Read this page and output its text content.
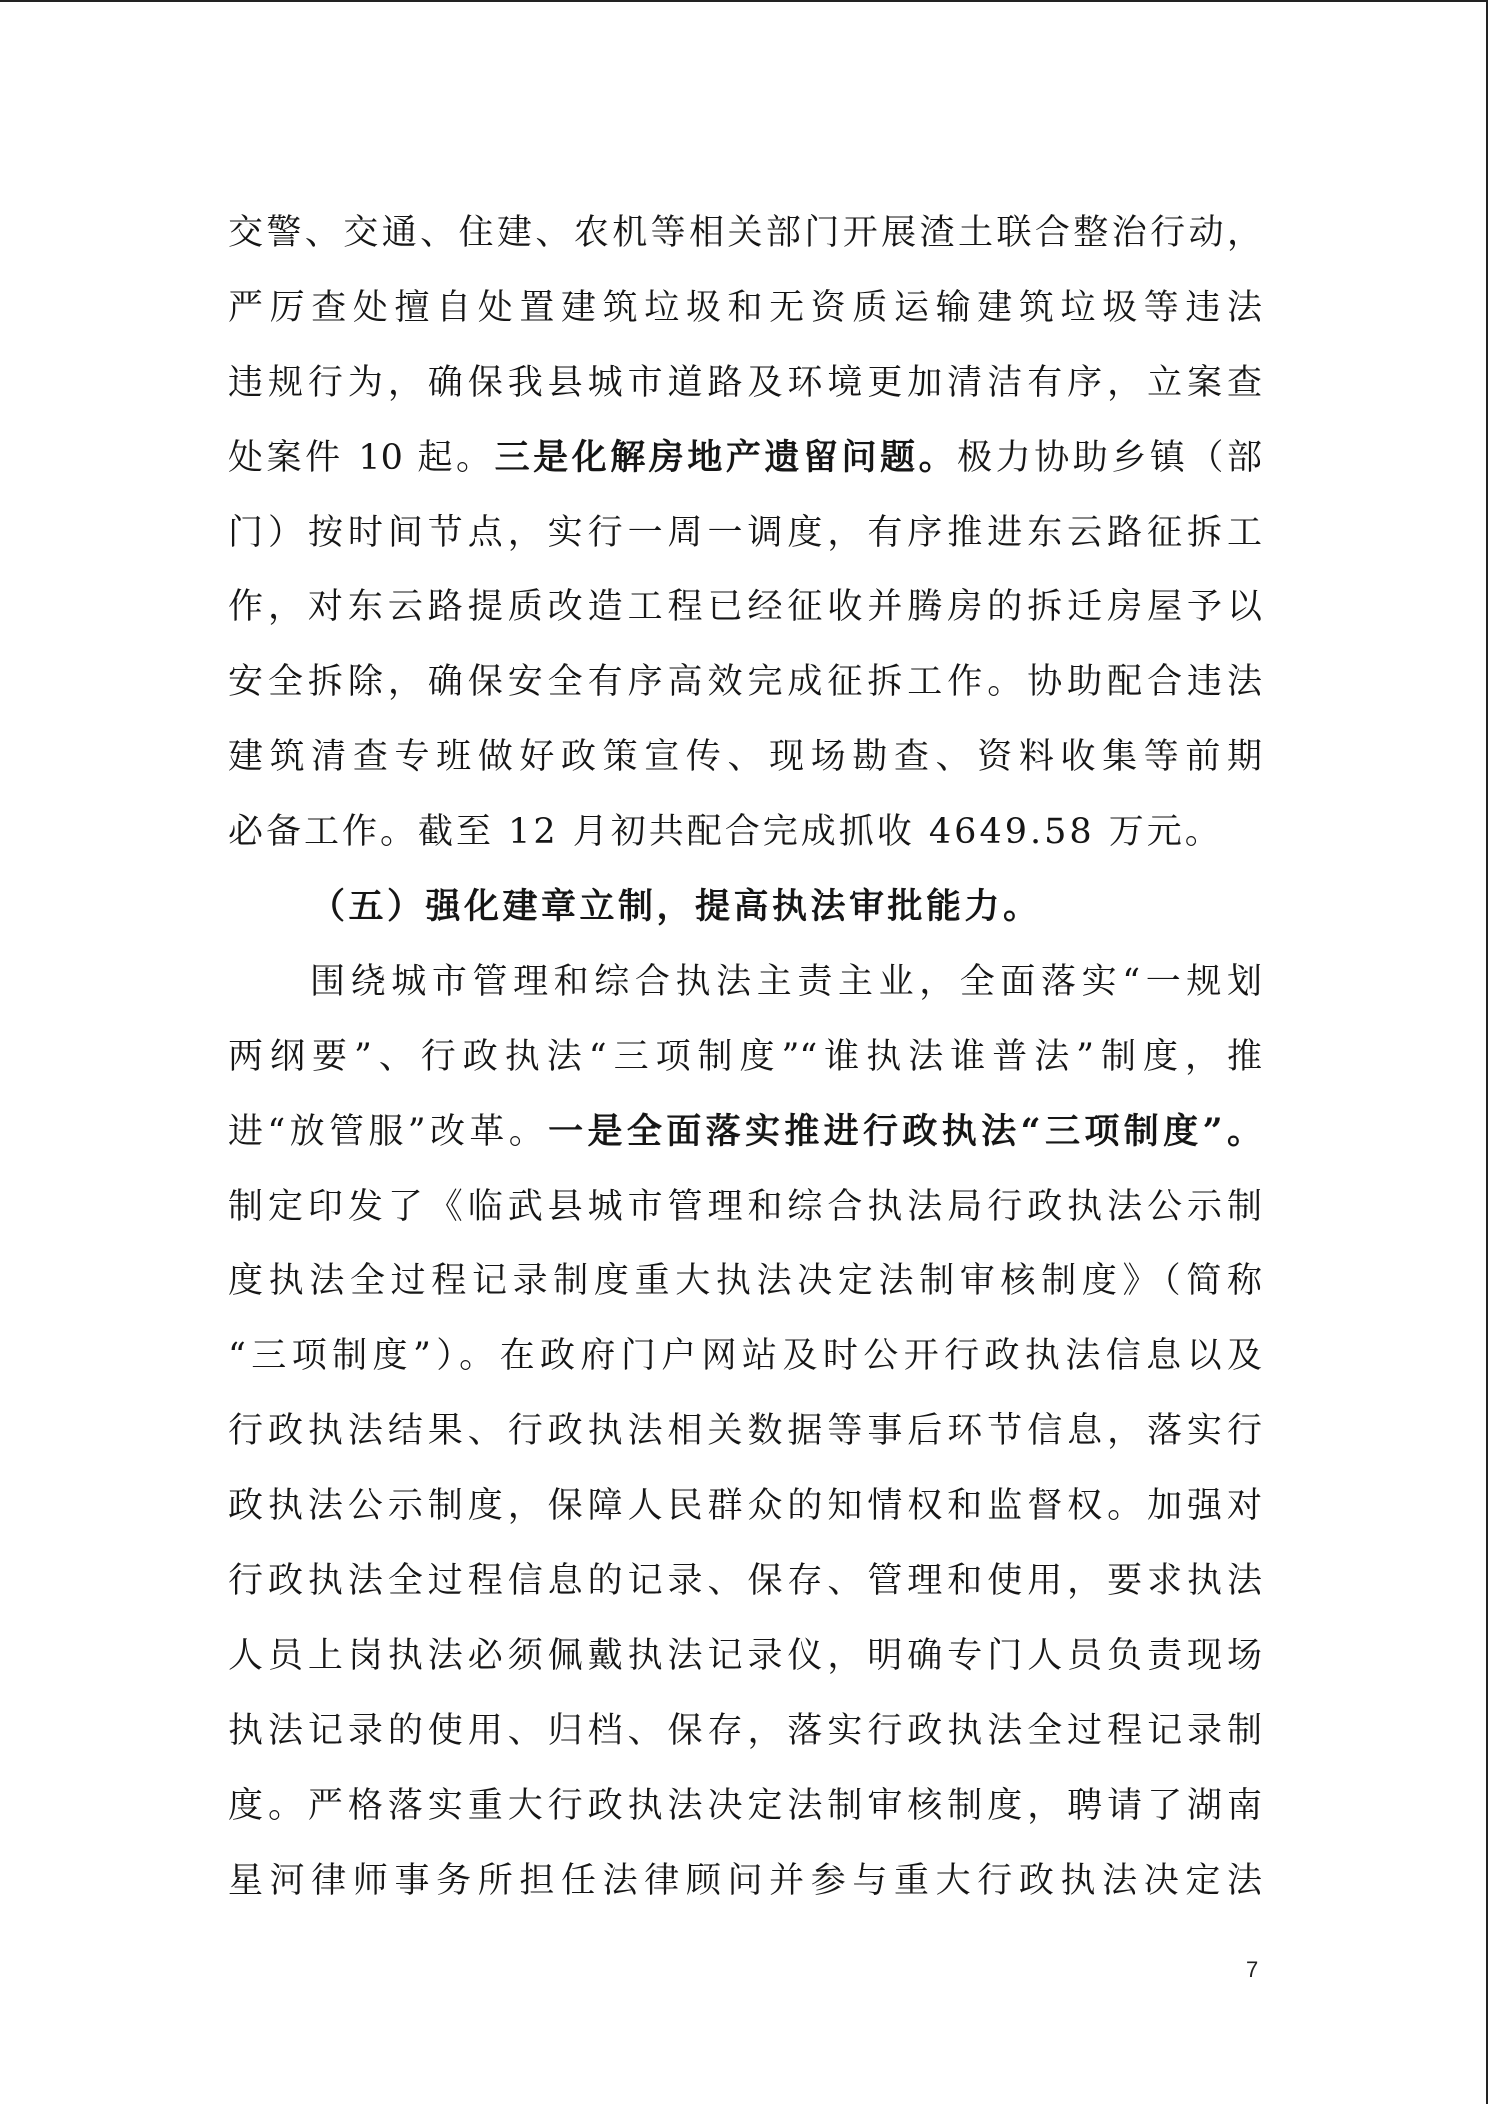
交警、交通、住建、农机等相关部门开展渣土联合整治行动，
严厉查处擅自处置建筑垃圾和无资质运输建筑垃圾等违法
违规行为，确保我县城市道路及环境更加清洁有序，立案查
处案件 10 起。三是化解房地产遗留问题。极力协助乡镇（部
门）按时间节点，实行一周一调度，有序推进东云路征拆工
作，对东云路提质改造工程已经征收并腾房的拆迁房屋予以
安全拆除，确保安全有序高效完成征拆工作。协助配合违法
建筑清查专班做好政策宣传、现场勘查、资料收集等前期
必备工作。截至 12 月初共配合完成抓收 4649.58 万元。
（五）强化建章立制，提高执法审批能力。
围绕城市管理和综合执法主责主业，全面落实“一规划
两纲要”、行政执法“三项制度”“谁执法谁普法”制度，推
进“放管服”改革。一是全面落实推进行政执法“三项制度”。
制定印发了《临武县城市管理和综合执法局行政执法公示制
度执法全过程记录制度重大执法决定法制审核制度》（简称
“三项制度”）。在政府门户网站及时公开行政执法信息以及
行政执法结果、行政执法相关数据等事后环节信息，落实行
政执法公示制度，保障人民群众的知情权和监督权。加强对
行政执法全过程信息的记录、保存、管理和使用，要求执法
人员上岗执法必须佩戴执法记录仪，明确专门人员负责现场
执法记录的使用、归档、保存，落实行政执法全过程记录制
度。严格落实重大行政执法决定法制审核制度，聘请了湖南
星河律师事务所担任法律顾问并参与重大行政执法决定法
7
